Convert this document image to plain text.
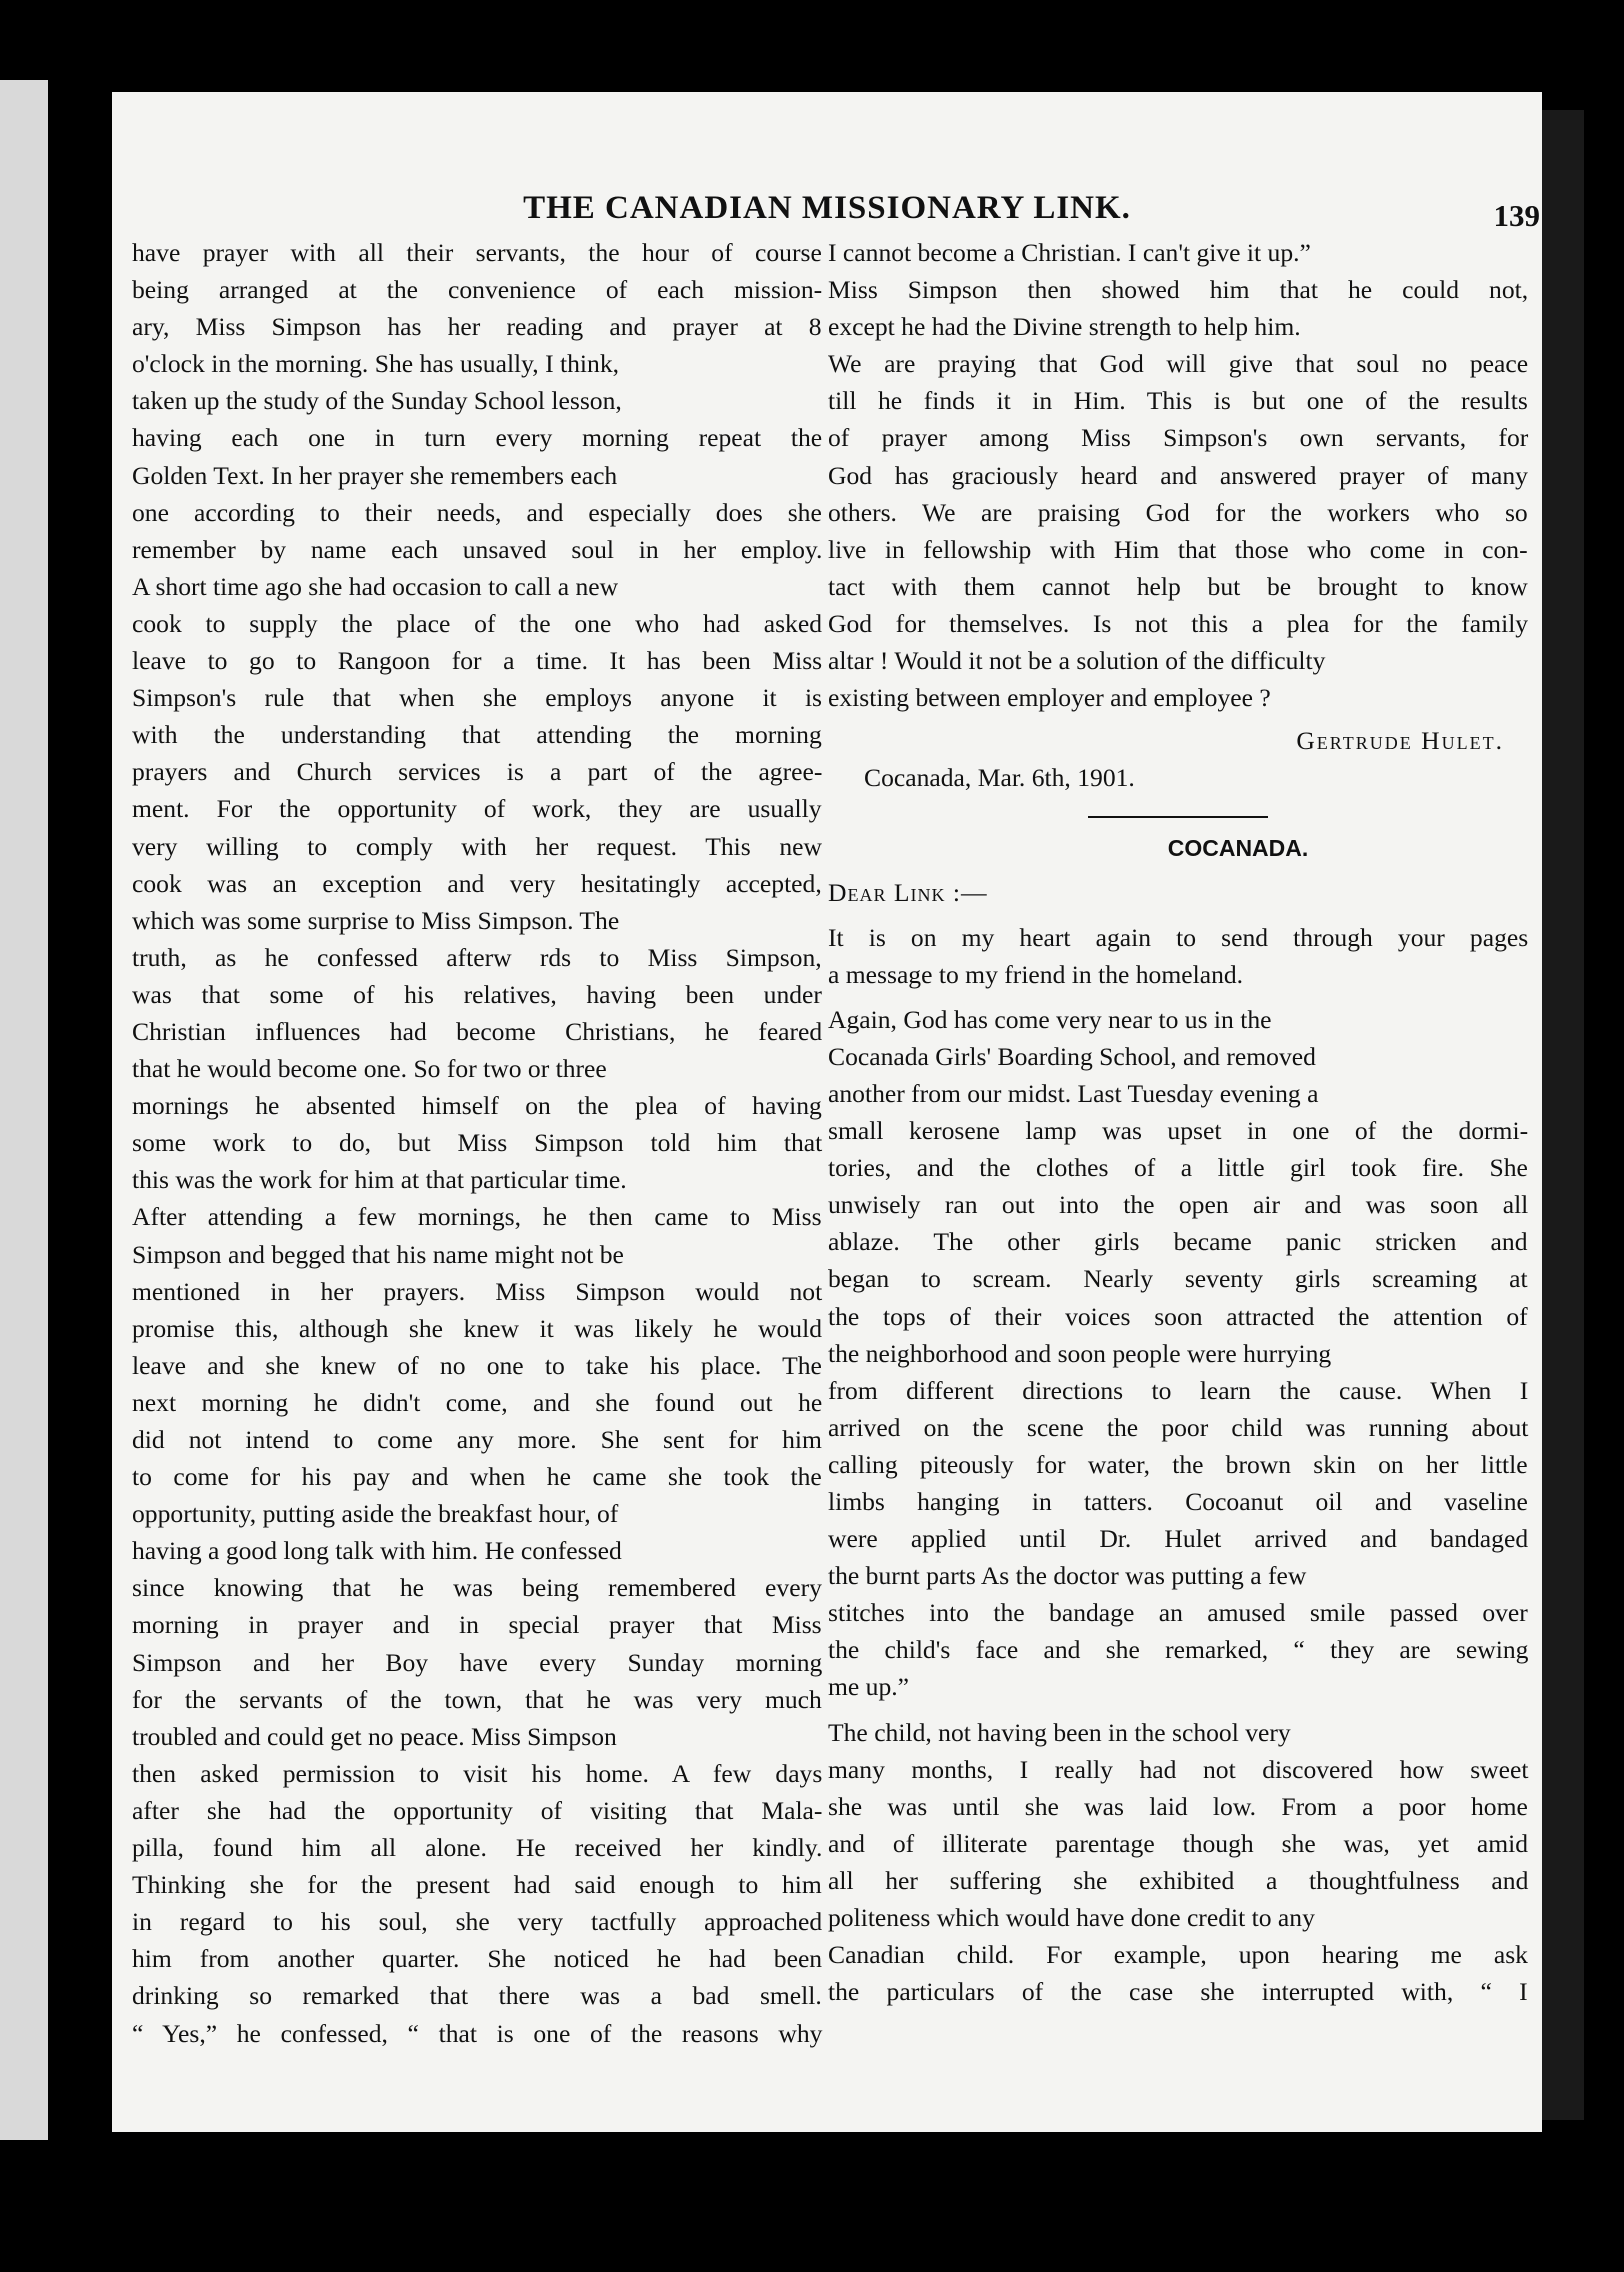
THE CANADIAN MISSIONARY LINK.	139
have prayer with all their servants, the hour of course
being arranged at the convenience of each mission-
ary, Miss Simpson has her reading and prayer at 8
o'clock in the morning. She has usually, I think,
taken up the study of the Sunday School lesson,
having each one in turn every morning repeat the
Golden Text. In her prayer she remembers each
one according to their needs, and especially does she
remember by name each unsaved soul in her employ.
A short time ago she had occasion to call a new
cook to supply the place of the one who had asked
leave to go to Rangoon for a time. It has been Miss
Simpson's rule that when she employs anyone it is
with the understanding that attending the morning
prayers and Church services is a part of the agree-
ment. For the opportunity of work, they are usually
very willing to comply with her request. This new
cook was an exception and very hesitatingly accepted,
which was some surprise to Miss Simpson. The
truth, as he confessed afterw rds to Miss Simpson,
was that some of his relatives, having been under
Christian influences had become Christians, he feared
that he would become one. So for two or three
mornings he absented himself on the plea of having
some work to do, but Miss Simpson told him that
this was the work for him at that particular time.
After attending a few mornings, he then came to Miss
Simpson and begged that his name might not be
mentioned in her prayers. Miss Simpson would not
promise this, although she knew it was likely he would
leave and she knew of no one to take his place. The
next morning he didn't come, and she found out he
did not intend to come any more. She sent for him
to come for his pay and when he came she took the
opportunity, putting aside the breakfast hour, of
having a good long talk with him. He confessed
since knowing that he was being remembered every
morning in prayer and in special prayer that Miss
Simpson and her Boy have every Sunday morning
for the servants of the town, that he was very much
troubled and could get no peace. Miss Simpson
then asked permission to visit his home. A few days
after she had the opportunity of visiting that Mala-
pilla, found him all alone. He received her kindly.
Thinking she for the present had said enough to him
in regard to his soul, she very tactfully approached
him from another quarter. She noticed he had been
drinking so remarked that there was a bad smell.
“ Yes,” he confessed, “ that is one of the reasons why
I cannot become a Christian. I can't give it up.”
Miss Simpson then showed him that he could not,
except he had the Divine strength to help him.
We are praying that God will give that soul no peace
till he finds it in Him. This is but one of the results
of prayer among Miss Simpson's own servants, for
God has graciously heard and answered prayer of many
others. We are praising God for the workers who so
live in fellowship with Him that those who come in con-
tact with them cannot help but be brought to know
God for themselves. Is not this a plea for the family
altar ! Would it not be a solution of the difficulty
existing between employer and employee ?
Gertrude Hulet.
Cocanada, Mar. 6th, 1901.
COCANADA.
Dear Link :—
It is on my heart again to send through your pages
a message to my friend in the homeland.
Again, God has come very near to us in the
Cocanada Girls' Boarding School, and removed
another from our midst. Last Tuesday evening a
small kerosene lamp was upset in one of the dormi-
tories, and the clothes of a little girl took fire. She
unwisely ran out into the open air and was soon all
ablaze. The other girls became panic stricken and
began to scream. Nearly seventy girls screaming at
the tops of their voices soon attracted the attention of
the neighborhood and soon people were hurrying
from different directions to learn the cause. When I
arrived on the scene the poor child was running about
calling piteously for water, the brown skin on her little
limbs hanging in tatters. Cocoanut oil and vaseline
were applied until Dr. Hulet arrived and bandaged
the burnt parts As the doctor was putting a few
stitches into the bandage an amused smile passed over
the child's face and she remarked, “ they are sewing
me up.”
The child, not having been in the school very
many months, I really had not discovered how sweet
she was until she was laid low. From a poor home
and of illiterate parentage though she was, yet amid
all her suffering she exhibited a thoughtfulness and
politeness which would have done credit to any
Canadian child. For example, upon hearing me ask
the particulars of the case she interrupted with, “ I
